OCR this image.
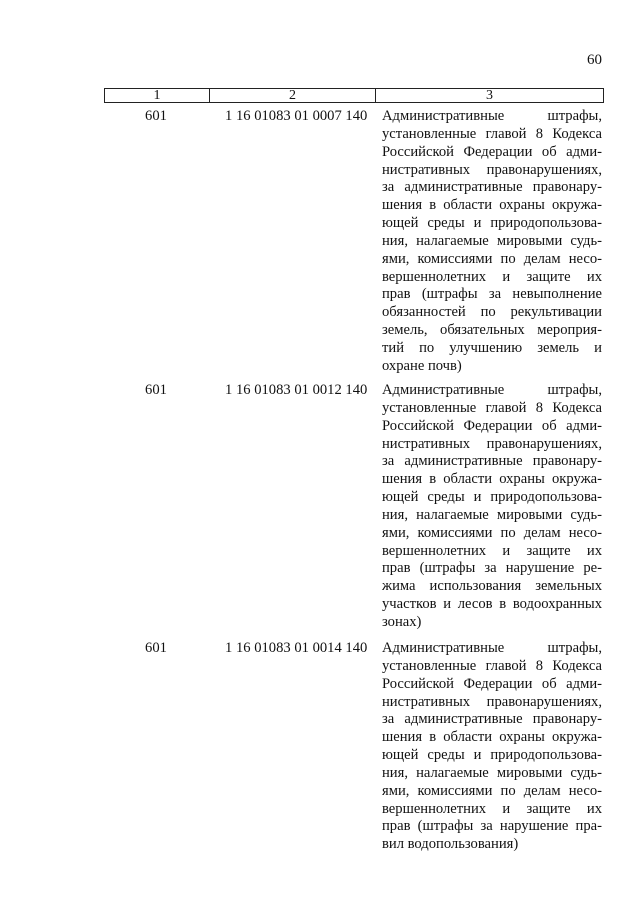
60
1	2	3
601	1 16 01083 01 0007 140	Административные штрафы,
установленные главой 8 Кодекса
Российской Федерации об адми-
нистративных правонарушениях,
за административные правонару-
шения в области охраны окружа-
ющей среды и природопользова-
ния, налагаемые мировыми судь-
ями, комиссиями по делам несо-
вершеннолетних и защите их
прав (штрафы за невыполнение
обязанностей по рекультивации
земель, обязательных мероприя-
тий по улучшению земель и
охране почв)
601	1 16 01083 01 0012 140	Административные штрафы,
установленные главой 8 Кодекса
Российской Федерации об адми-
нистративных правонарушениях,
за административные правонару-
шения в области охраны окружа-
ющей среды и природопользова-
ния, налагаемые мировыми судь-
ями, комиссиями по делам несо-
вершеннолетних и защите их
прав (штрафы за нарушение ре-
жима использования земельных
участков и лесов в водоохранных
зонах)
601	1 16 01083 01 0014 140	Административные штрафы,
установленные главой 8 Кодекса
Российской Федерации об адми-
нистративных правонарушениях,
за административные правонару-
шения в области охраны окружа-
ющей среды и природопользова-
ния, налагаемые мировыми судь-
ями, комиссиями по делам несо-
вершеннолетних и защите их
прав (штрафы за нарушение пра-
вил водопользования)
